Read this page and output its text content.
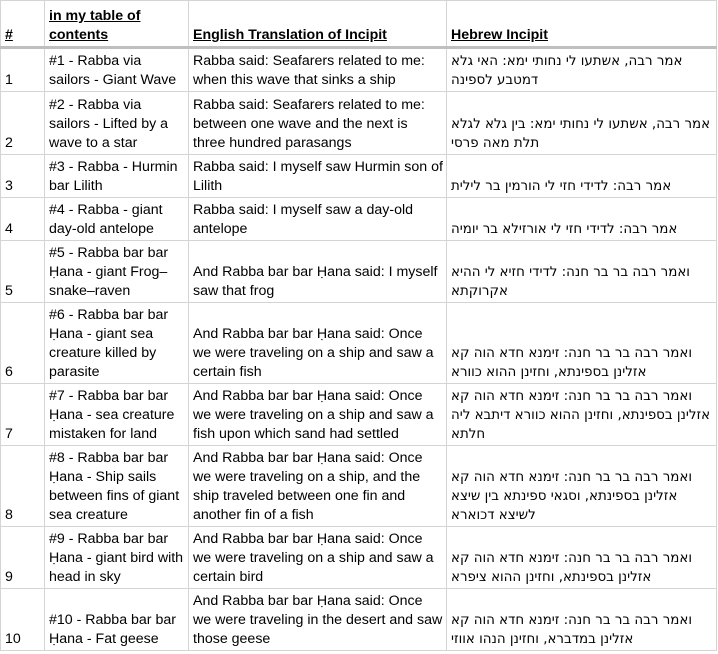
#	in my table of contents	English Translation of Incipit	Hebrew Incipit
1	#1 - Rabba via sailors - Giant Wave	Rabba said: Seafarers related to me: when this wave that sinks a ship	אמר רבה, אשתעו לי נחותי ימא: האי גלא דמטבע לספינה
2	#2 - Rabba via sailors - Lifted by a wave to a star	Rabba said: Seafarers related to me: between one wave and the next is three hundred parasangs	אמר רבה, אשתעו לי נחותי ימא: בין גלא לגלא תלת מאה פרסי
3	#3 - Rabba - Hurmin bar Lilith	Rabba said: I myself saw Hurmin son of Lilith	אמר רבה: לדידי חזי לי הורמין בר לילית
4	#4 - Rabba - giant day-old antelope	Rabba said: I myself saw a day-old antelope	אמר רבה: לדידי חזי לי אורזילא בר יומיה
5	#5 - Rabba bar bar Ḥana - giant Frog–snake–raven	And Rabba bar bar Ḥana said: I myself saw that frog	ואמר רבה בר בר חנה: לדידי חזיא לי ההיא אקרוקתא
6	#6 - Rabba bar bar Ḥana - giant sea creature killed by parasite	And Rabba bar bar Ḥana said: Once we were traveling on a ship and saw a certain fish	ואמר רבה בר בר חנה: זימנא חדא הוה קא אזלינן בספינתא, וחזינן ההוא כוורא
7	#7 - Rabba bar bar Ḥana - sea creature mistaken for land	And Rabba bar bar Ḥana said: Once we were traveling on a ship and saw a fish upon which sand had settled	ואמר רבה בר בר חנה: זימנא חדא הוה קא אזלינן בספינתא, וחזינן ההוא כוורא דיתבא ליה חלתא
8	#8 - Rabba bar bar Ḥana - Ship sails between fins of giant sea creature	And Rabba bar bar Ḥana said: Once we were traveling on a ship, and the ship traveled between one fin and another fin of a fish	ואמר רבה בר בר חנה: זימנא חדא הוה קא אזלינן בספינתא, וסגאי ספינתא בין שיצא לשיצא דכוארא
9	#9 - Rabba bar bar Ḥana - giant bird with head in sky	And Rabba bar bar Ḥana said: Once we were traveling on a ship and saw a certain bird	ואמר רבה בר בר חנה: זימנא חדא הוה קא אזלינן בספינתא, וחזינן ההוא ציפרא
10	#10 - Rabba bar bar Ḥana - Fat geese	And Rabba bar bar Ḥana said: Once we were traveling in the desert and saw those geese	ואמר רבה בר בר חנה: זימנא חדא הוה קא אזלינן במדברא, וחזינן הנהו אווזי
